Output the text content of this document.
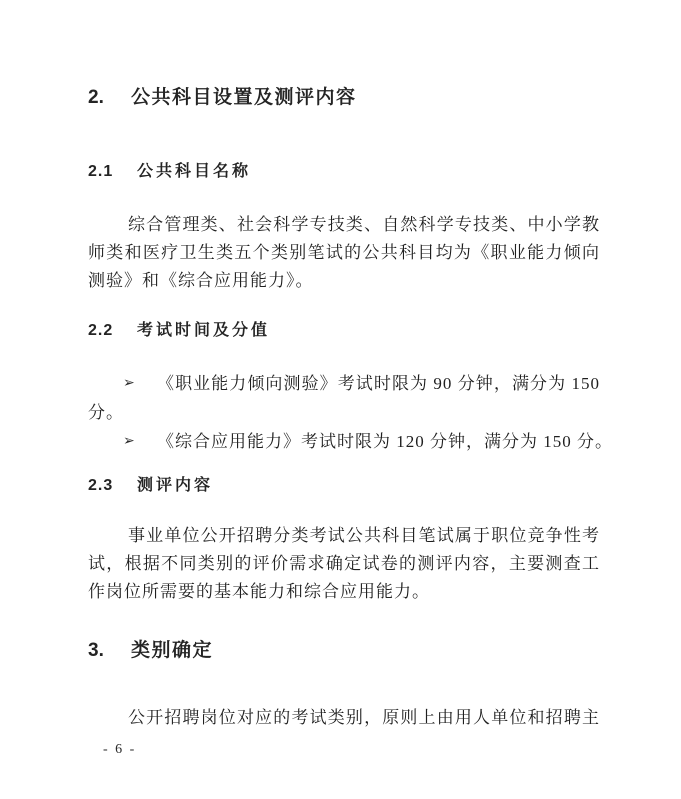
2. 公共科目设置及测评内容
2.1 公共科目名称
综合管理类、社会科学专技类、自然科学专技类、中小学教
师类和医疗卫生类五个类别笔试的公共科目均为《职业能力倾向
测验》和《综合应用能力》。
2.2 考试时间及分值
➢	《职业能力倾向测验》考试时限为 90 分钟，满分为 150
分。
➢	《综合应用能力》考试时限为 120 分钟，满分为 150 分。
2.3 测评内容
事业单位公开招聘分类考试公共科目笔试属于职位竞争性考
试，根据不同类别的评价需求确定试卷的测评内容，主要测查工
作岗位所需要的基本能力和综合应用能力。
3. 类别确定
公开招聘岗位对应的考试类别，原则上由用人单位和招聘主
- 6 -
